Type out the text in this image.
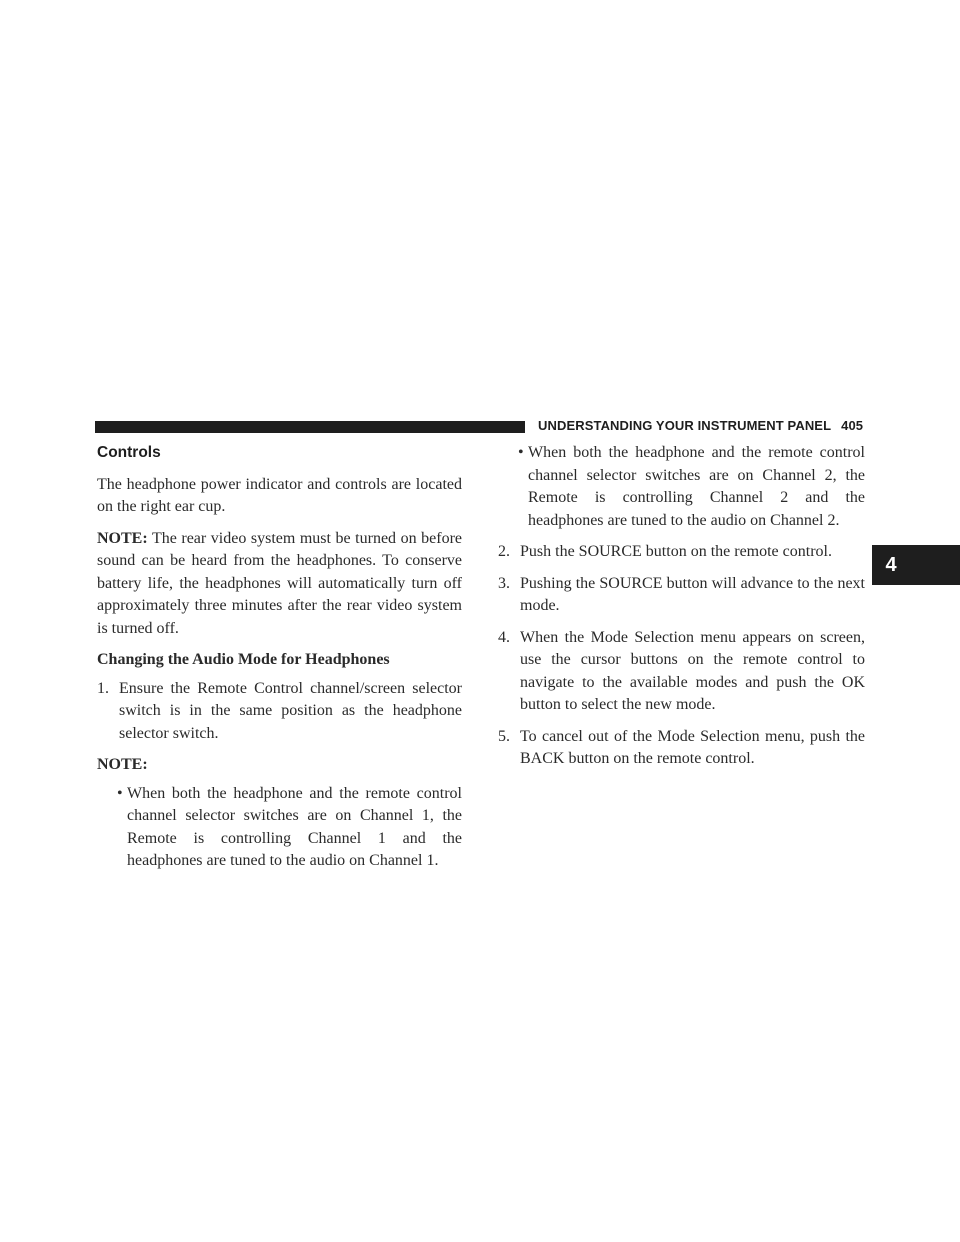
UNDERSTANDING YOUR INSTRUMENT PANEL 405
4
Controls

The headphone power indicator and controls are located on the right ear cup.

NOTE: The rear video system must be turned on before sound can be heard from the headphones. To conserve battery life, the headphones will automatically turn off approximately three minutes after the rear video system is turned off.

Changing the Audio Mode for Headphones
1. Ensure the Remote Control channel/screen selector switch is in the same position as the headphone selector switch.
NOTE:
• When both the headphone and the remote control channel selector switches are on Channel 1, the Remote is controlling Channel 1 and the headphones are tuned to the audio on Channel 1.
• When both the headphone and the remote control channel selector switches are on Channel 2, the Remote is controlling Channel 2 and the headphones are tuned to the audio on Channel 2.
2. Push the SOURCE button on the remote control.
3. Pushing the SOURCE button will advance to the next mode.
4. When the Mode Selection menu appears on screen, use the cursor buttons on the remote control to navigate to the available modes and push the OK button to select the new mode.
5. To cancel out of the Mode Selection menu, push the BACK button on the remote control.
